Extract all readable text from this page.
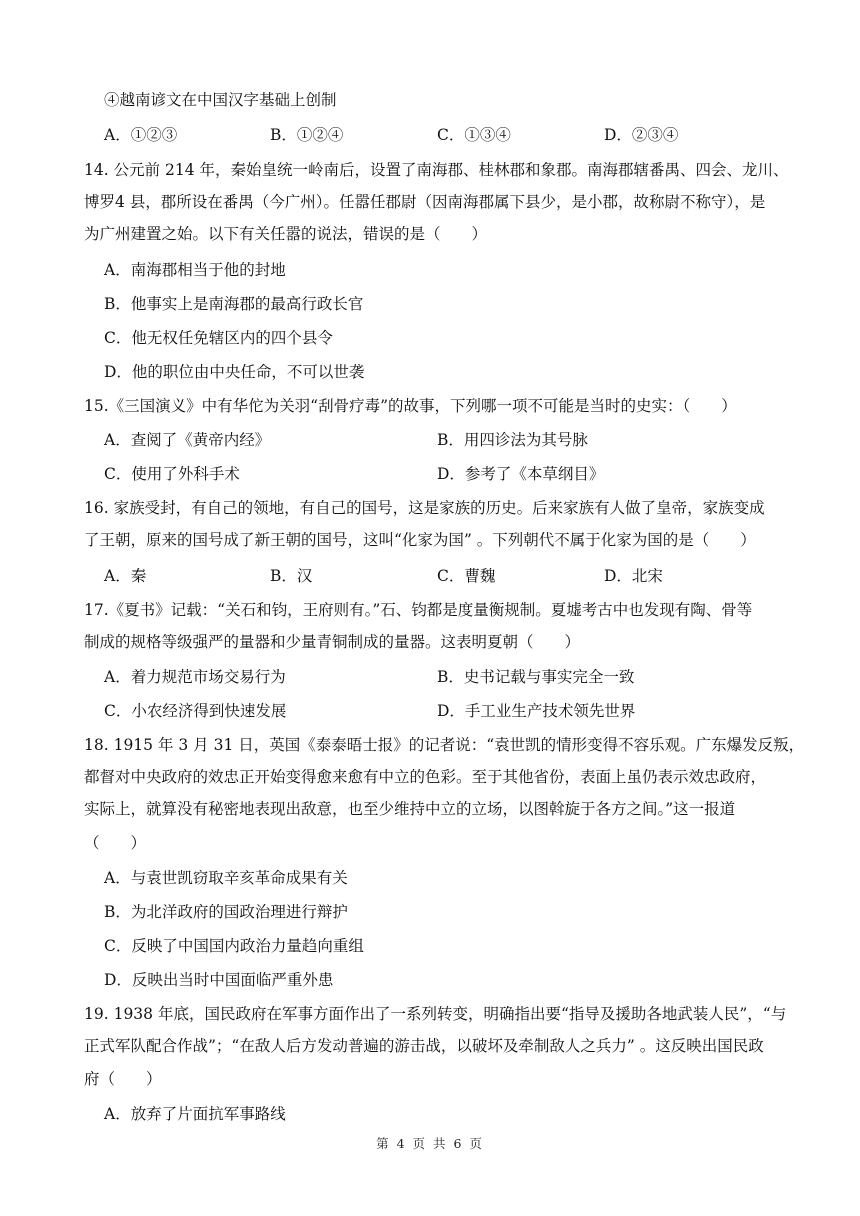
④越南谚文在中国汉字基础上创制
A．①②③	B．①②④	C．①③④	D．②③④
14. 公元前 214 年，秦始皇统一岭南后，设置了南海郡、桂林郡和象郡。南海郡辖番禺、四会、龙川、
博罗4 县，郡所设在番禺（今广州）。任嚣任郡尉（因南海郡属下县少，是小郡，故称尉不称守），是
为广州建置之始。以下有关任嚣的说法，错误的是（　　）
A．南海郡相当于他的封地
B．他事实上是南海郡的最高行政长官
C．他无权任免辖区内的四个县令
D．他的职位由中央任命，不可以世袭
15.《三国演义》中有华佗为关羽“刮骨疗毒”的故事，下列哪一项不可能是当时的史实：（　　）
A．查阅了《黄帝内经》	B．用四诊法为其号脉
C．使用了外科手术	D．参考了《本草纲目》
16. 家族受封，有自己的领地，有自己的国号，这是家族的历史。后来家族有人做了皇帝，家族变成
了王朝，原来的国号成了新王朝的国号，这叫“化家为国” 。下列朝代不属于化家为国的是（　　）
A．秦	B．汉	C．曹魏	D．北宋
17.《夏书》记载：“关石和钧，王府则有。”石、钧都是度量衡规制。夏墟考古中也发现有陶、骨等
制成的规格等级强严的量器和少量青铜制成的量器。这表明夏朝（　　）
A．着力规范市场交易行为	B．史书记载与事实完全一致
C．小农经济得到快速发展	D．手工业生产技术领先世界
18. 1915 年 3 月 31 日，英国《泰泰晤士报》的记者说：“袁世凯的情形变得不容乐观。广东爆发反叛，
都督对中央政府的效忠正开始变得愈来愈有中立的色彩。至于其他省份，表面上虽仍表示效忠政府，
实际上，就算没有秘密地表现出敌意，也至少维持中立的立场，以图斡旋于各方之间。”这一报道
（　　）
A．与袁世凯窃取辛亥革命成果有关
B．为北洋政府的国政治理进行辩护
C．反映了中国国内政治力量趋向重组
D．反映出当时中国面临严重外患
19. 1938 年底，国民政府在军事方面作出了一系列转变，明确指出要“指导及援助各地武装人民”，“与
正式军队配合作战”；“在敌人后方发动普遍的游击战，以破坏及牵制敌人之兵力” 。这反映出国民政
府（　　）
A．放弃了片面抗军事路线
第 4 页 共 6 页
